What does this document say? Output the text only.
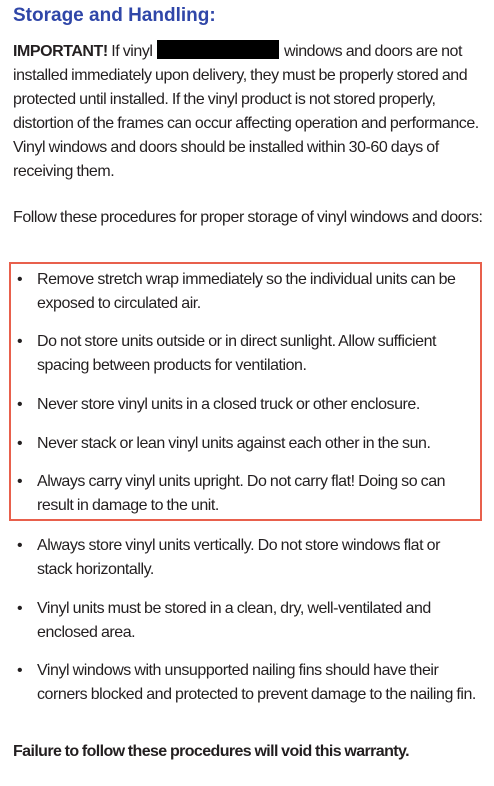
Storage and Handling:

IMPORTANT! If vinyl	windows and doors are not installed immediately upon delivery, they must be properly stored and protected until installed. If the vinyl product is not stored properly, distortion of the frames can occur affecting operation and performance. Vinyl windows and doors should be installed within 30-60 days of receiving them.

Follow these procedures for proper storage of vinyl windows and doors:

• Remove stretch wrap immediately so the individual units can be exposed to circulated air.
• Do not store units outside or in direct sunlight. Allow sufficient spacing between products for ventilation.
• Never store vinyl units in a closed truck or other enclosure.
• Never stack or lean vinyl units against each other in the sun.
• Always carry vinyl units upright. Do not carry flat! Doing so can result in damage to the unit.
• Always store vinyl units vertically. Do not store windows flat or stack horizontally.
• Vinyl units must be stored in a clean, dry, well-ventilated and enclosed area.
• Vinyl windows with unsupported nailing fins should have their corners blocked and protected to prevent damage to the nailing fin.
Failure to follow these procedures will void this warranty.
